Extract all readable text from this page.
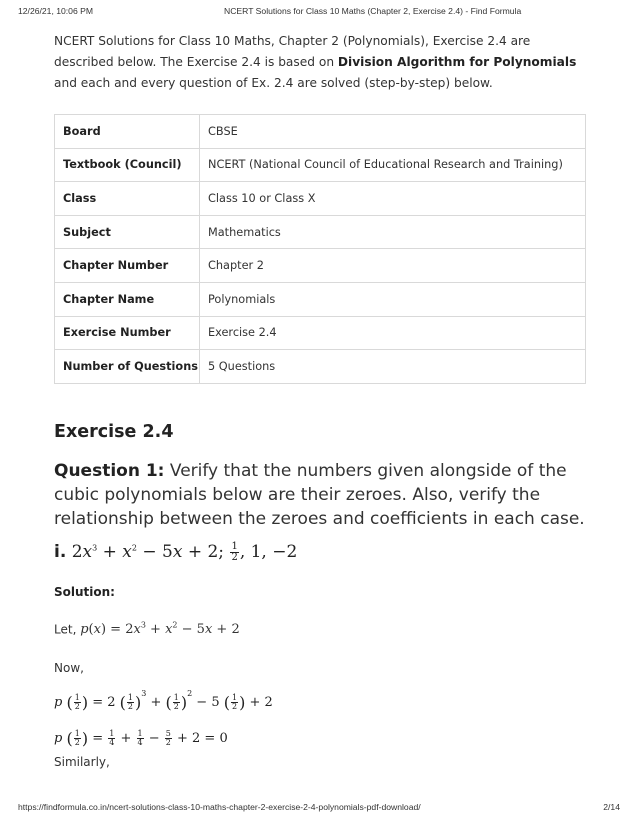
12/26/21, 10:06 PM	NCERT Solutions for Class 10 Maths (Chapter 2, Exercise 2.4) - Find Formula

NCERT Solutions for Class 10 Maths, Chapter 2 (Polynomials), Exercise 2.4 are described below. The Exercise 2.4 is based on Division Algorithm for Polynomials and each and every question of Ex. 2.4 are solved (step-by-step) below.

Board	CBSE
Textbook (Council)	NCERT (National Council of Educational Research and Training)
Class	Class 10 or Class X
Subject	Mathematics
Chapter Number	Chapter 2
Chapter Name	Polynomials
Exercise Number	Exercise 2.4
Number of Questions	5 Questions
Exercise 2.4

Question 1: Verify that the numbers given alongside of the cubic polynomials below are their zeroes. Also, verify the relationship between the zeroes and coefficients in each case.

i. $2x^3 + x^2 - 5x + 2$; $\frac{1}{2}$ , 1, −2
Solution:
Let, $p(x) = 2x^3 + x^2 - 5x + 2$
Now,
p
( $\frac{1}{2}$ ) = 2 ( $\frac{1}{2} )^3$
+ ( $\frac{1}{2} )^2$
− 5 ( $\frac{1}{2}$ ) + 2
p
( $\frac{1}{2}$ ) = $\frac{1}{4} + \frac{1}{4} - \frac{5}{2} + 2 = 0$
Similarly,
https://findformula.co.in/ncert-solutions-class-10-maths-chapter-2-exercise-2-4-polynomials-pdf-download/	2/14
